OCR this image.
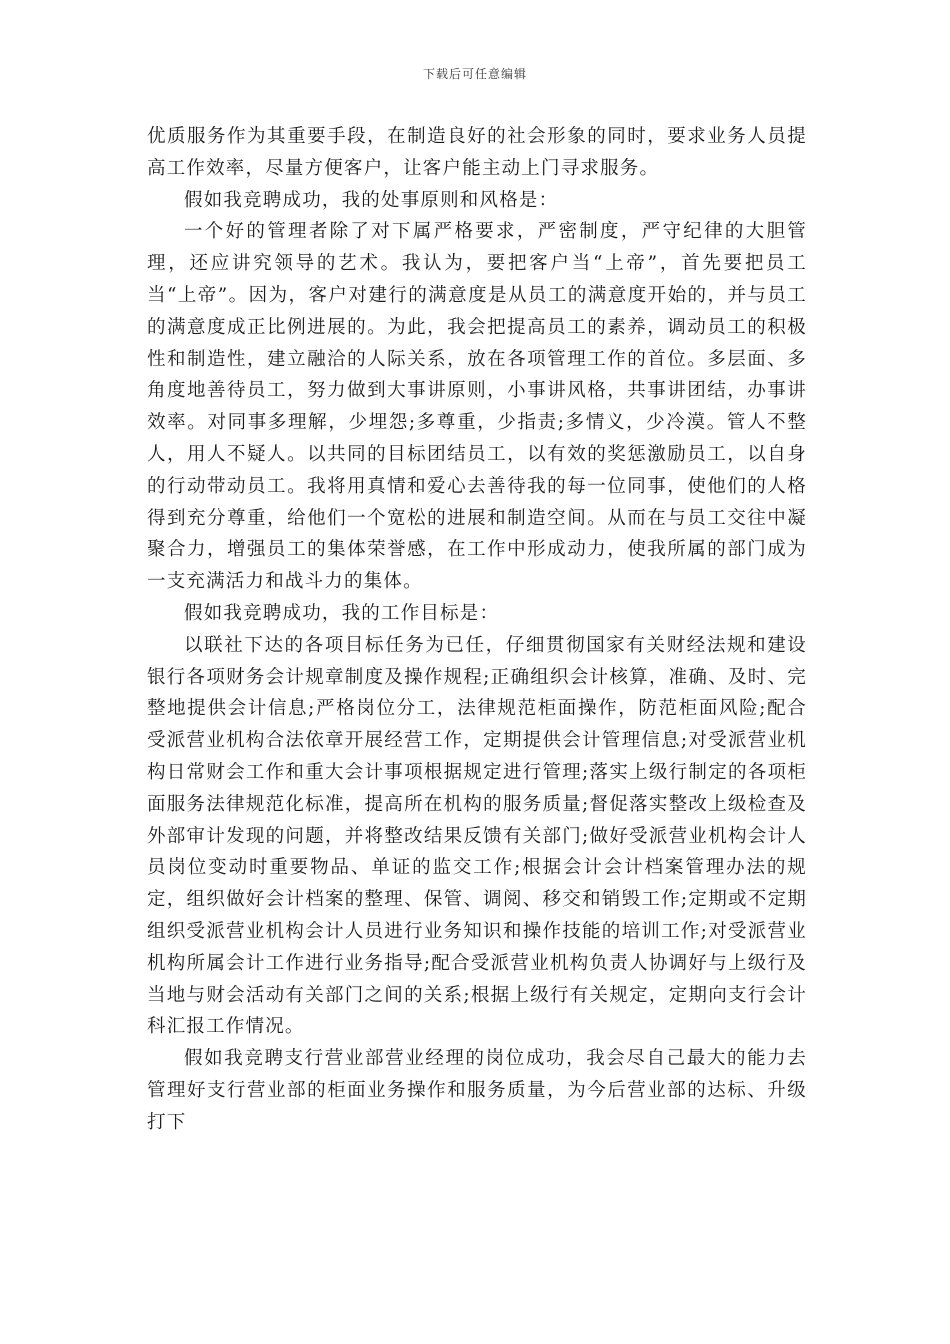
下载后可任意编辑

优质服务作为其重要手段，在制造良好的社会形象的同时，要求业务人员提高工作效率，尽量方便客户，让客户能主动上门寻求服务。

假如我竞聘成功，我的处事原则和风格是：

一个好的管理者除了对下属严格要求，严密制度，严守纪律的大胆管理，还应讲究领导的艺术。我认为，要把客户当“上帝”，首先要把员工当“上帝”。因为，客户对建行的满意度是从员工的满意度开始的，并与员工的满意度成正比例进展的。为此，我会把提高员工的素养，调动员工的积极性和制造性，建立融洽的人际关系，放在各项管理工作的首位。多层面、多角度地善待员工，努力做到大事讲原则，小事讲风格，共事讲团结，办事讲效率。对同事多理解，少埋怨;多尊重，少指责;多情义，少冷漠。管人不整人，用人不疑人。以共同的目标团结员工，以有效的奖惩激励员工，以自身的行动带动员工。我将用真情和爱心去善待我的每一位同事，使他们的人格得到充分尊重，给他们一个宽松的进展和制造空间。从而在与员工交往中凝聚合力，增强员工的集体荣誉感，在工作中形成动力，使我所属的部门成为一支充满活力和战斗力的集体。

假如我竞聘成功，我的工作目标是：

以联社下达的各项目标任务为已任，仔细贯彻国家有关财经法规和建设银行各项财务会计规章制度及操作规程;正确组织会计核算，准确、及时、完整地提供会计信息;严格岗位分工，法律规范柜面操作，防范柜面风险;配合受派营业机构合法依章开展经营工作，定期提供会计管理信息;对受派营业机构日常财会工作和重大会计事项根据规定进行管理;落实上级行制定的各项柜面服务法律规范化标准，提高所在机构的服务质量;督促落实整改上级检查及外部审计发现的问题，并将整改结果反馈有关部门;做好受派营业机构会计人员岗位变动时重要物品、单证的监交工作;根据会计会计档案管理办法的规定，组织做好会计档案的整理、保管、调阅、移交和销毁工作;定期或不定期组织受派营业机构会计人员进行业务知识和操作技能的培训工作;对受派营业机构所属会计工作进行业务指导;配合受派营业机构负责人协调好与上级行及当地与财会活动有关部门之间的关系;根据上级行有关规定，定期向支行会计科汇报工作情况。

假如我竞聘支行营业部营业经理的岗位成功，我会尽自己最大的能力去管理好支行营业部的柜面业务操作和服务质量，为今后营业部的达标、升级打下
